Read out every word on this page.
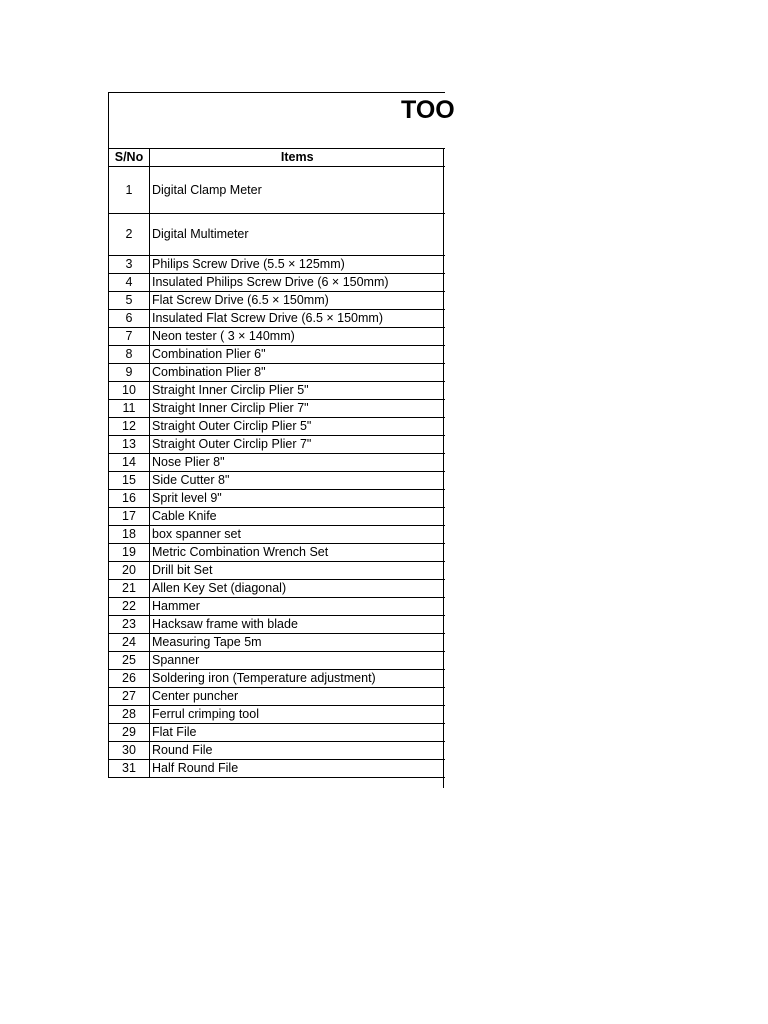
TOO	

S/No	Items
1	Digital Clamp Meter
2	Digital Multimeter
3	Philips Screw Drive (5.5 × 125mm)
4	Insulated Philips Screw Drive (6 × 150mm)
5	Flat Screw Drive (6.5 × 150mm)
6	Insulated Flat Screw Drive (6.5 × 150mm)
7	Neon tester ( 3 × 140mm)
8	Combination Plier 6"
9	Combination Plier 8"
10	Straight Inner Circlip Plier 5"
11	Straight Inner Circlip Plier 7"
12	Straight Outer Circlip Plier 5"
13	Straight Outer Circlip Plier 7"
14	Nose Plier 8"
15	Side Cutter 8"
16	Sprit level 9"
17	Cable Knife
18	box spanner set
19	Metric Combination Wrench Set
20	Drill bit Set
21	Allen Key Set (diagonal)
22	Hammer
23	Hacksaw frame with blade
24	Measuring Tape 5m
25	Spanner
26	Soldering iron (Temperature adjustment)
27	Center puncher
28	Ferrul crimping tool
29	Flat File
30	Round File
31	Half Round File
